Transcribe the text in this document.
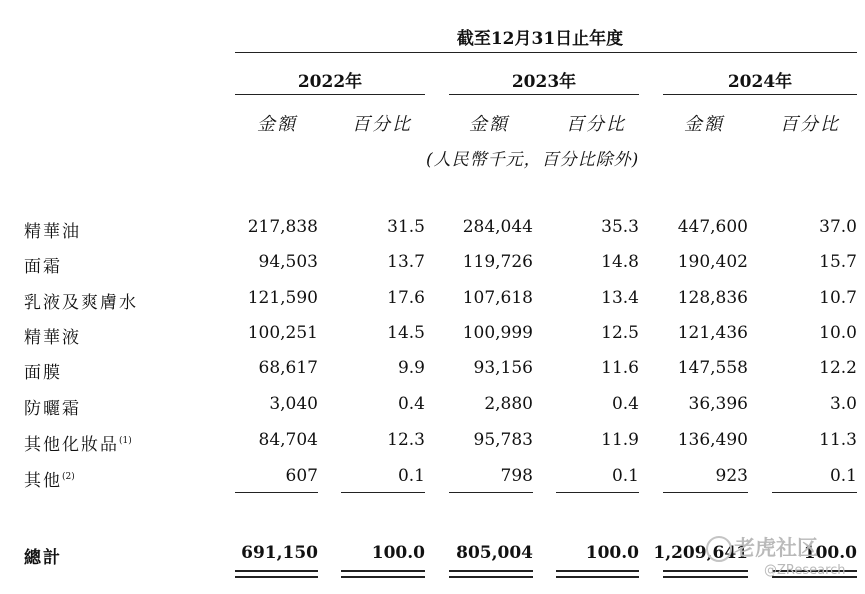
截至12月31日止年度
2022年	2023年	2024年
金額	百分比	金額	百分比	金額	百分比
(人民幣千元，百分比除外)
精華油	217,838	31.5	284,044	35.3	447,600	37.0
面霜	94,503	13.7	119,726	14.8	190,402	15.7
乳液及爽膚水	121,590	17.6	107,618	13.4	128,836	10.7
精華液	100,251	14.5	100,999	12.5	121,436	10.0
面膜	68,617	9.9	93,156	11.6	147,558	12.2
防曬霜	3,040	0.4	2,880	0.4	36,396	3.0
其他化妝品$^{(1)}$	84,704	12.3	95,783	11.9	136,490	11.3
其他$^{(2)}$	607	0.1	798	0.1	923	0.1
總計	691,150	100.0	805,004	100.0 1,209,641	100.0
老虎社区
@ZResearch
